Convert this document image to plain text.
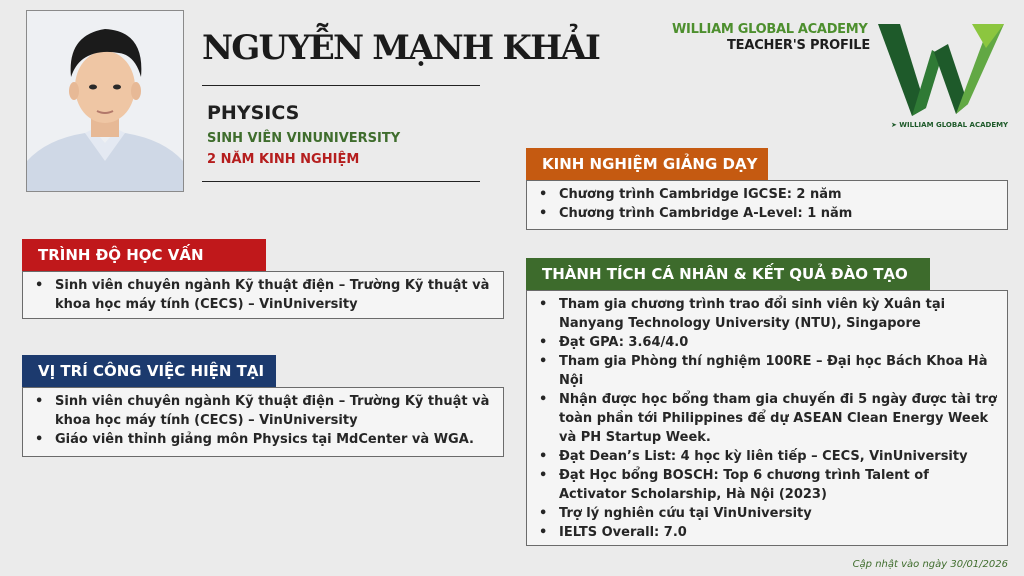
NGUYỄN MẠNH KHẢI
PHYSICS
SINH VIÊN VINUNIVERSITY
2 NĂM KINH NGHIỆM
WILLIAM GLOBAL ACADEMY
TEACHER'S PROFILE
➤ WILLIAM GLOBAL ACADEMY
TRÌNH ĐỘ HỌC VẤN
• Sinh viên chuyên ngành Kỹ thuật điện – Trường Kỹ thuật và khoa học máy tính (CECS) – VinUniversity
VỊ TRÍ CÔNG VIỆC HIỆN TẠI
• Sinh viên chuyên ngành Kỹ thuật điện – Trường Kỹ thuật và khoa học máy tính (CECS) – VinUniversity
• Giáo viên thỉnh giảng môn Physics tại MdCenter và WGA.
KINH NGHIỆM GIẢNG DẠY
• Chương trình Cambridge IGCSE: 2 năm
• Chương trình Cambridge A-Level: 1 năm
THÀNH TÍCH CÁ NHÂN & KẾT QUẢ ĐÀO TẠO
• Tham gia chương trình trao đổi sinh viên kỳ Xuân tại Nanyang Technology University (NTU), Singapore
• Đạt GPA: 3.64/4.0
• Tham gia Phòng thí nghiệm 100RE – Đại học Bách Khoa Hà Nội
• Nhận được học bổng tham gia chuyến đi 5 ngày được tài trợ toàn phần tới Philippines để dự ASEAN Clean Energy Week và PH Startup Week.
• Đạt Dean’s List: 4 học kỳ liên tiếp – CECS, VinUniversity
• Đạt Học bổng BOSCH: Top 6 chương trình Talent of Activator Scholarship, Hà Nội (2023)
• Trợ lý nghiên cứu tại VinUniversity
• IELTS Overall: 7.0
Cập nhật vào ngày 30/01/2026
